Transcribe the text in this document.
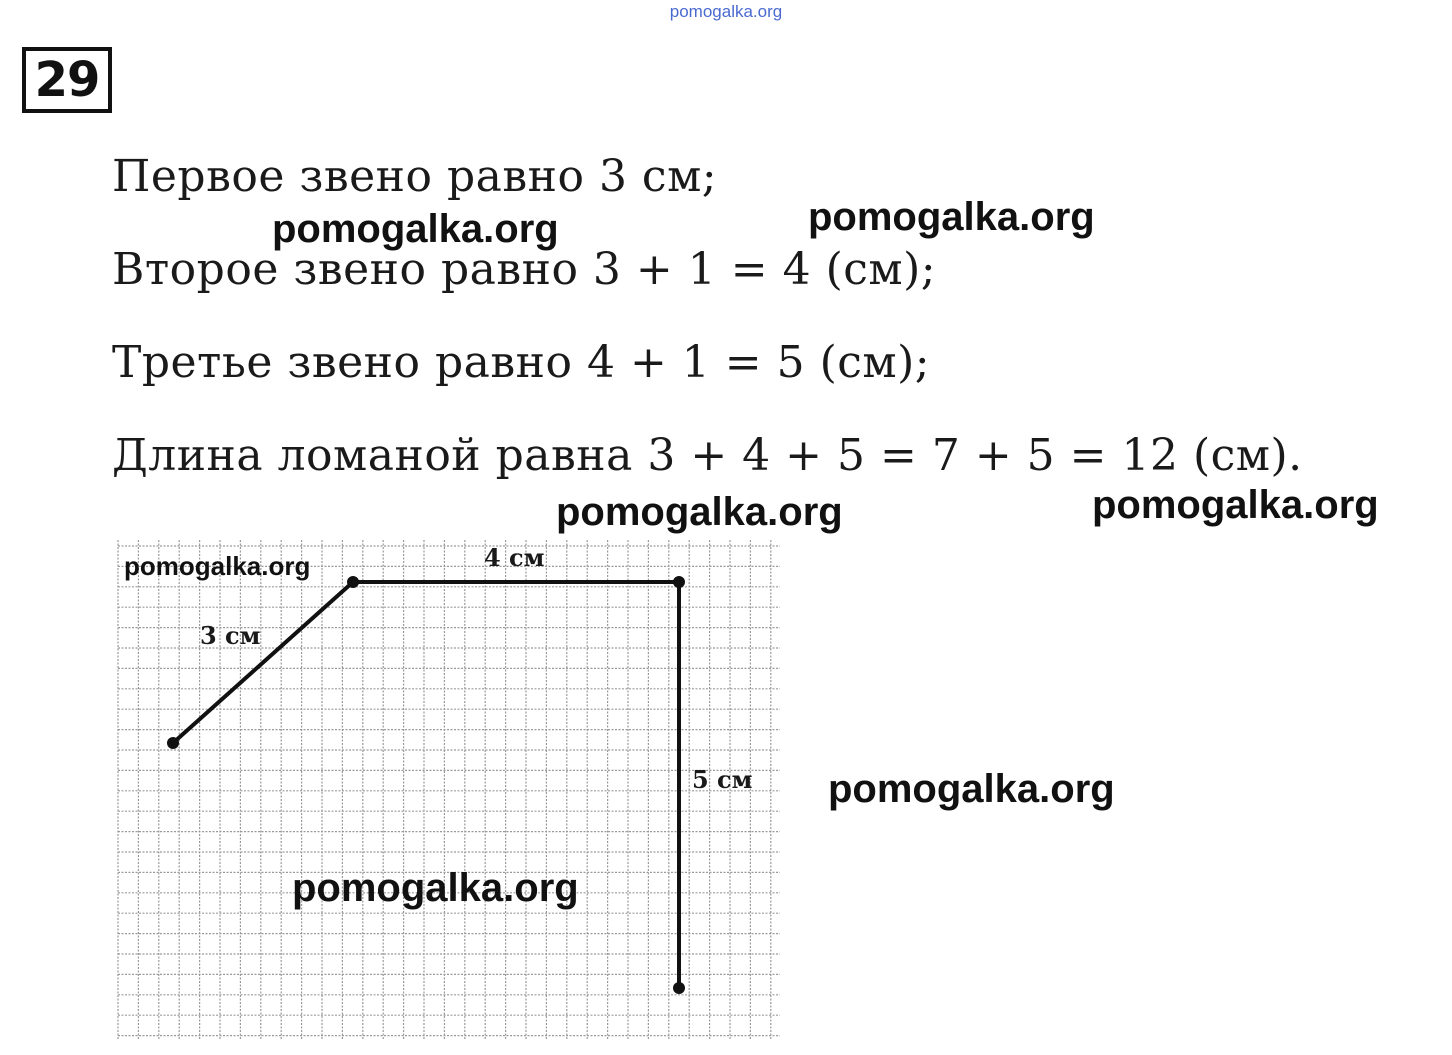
pomogalka.org
29
Первое звено равно 3 см;
Второе звено равно 3 + 1 = 4 (см);
Третье звено равно 4 + 1 = 5 (см);
Длина ломаной равна 3 + 4 + 5 = 7 + 5 = 12 (см).
3 см
4 см
5 см
pomogalka.org	pomogalka.org
pomogalka.org	pomogalka.org
pomogalka.org
pomogalka.org
pomogalka.org
